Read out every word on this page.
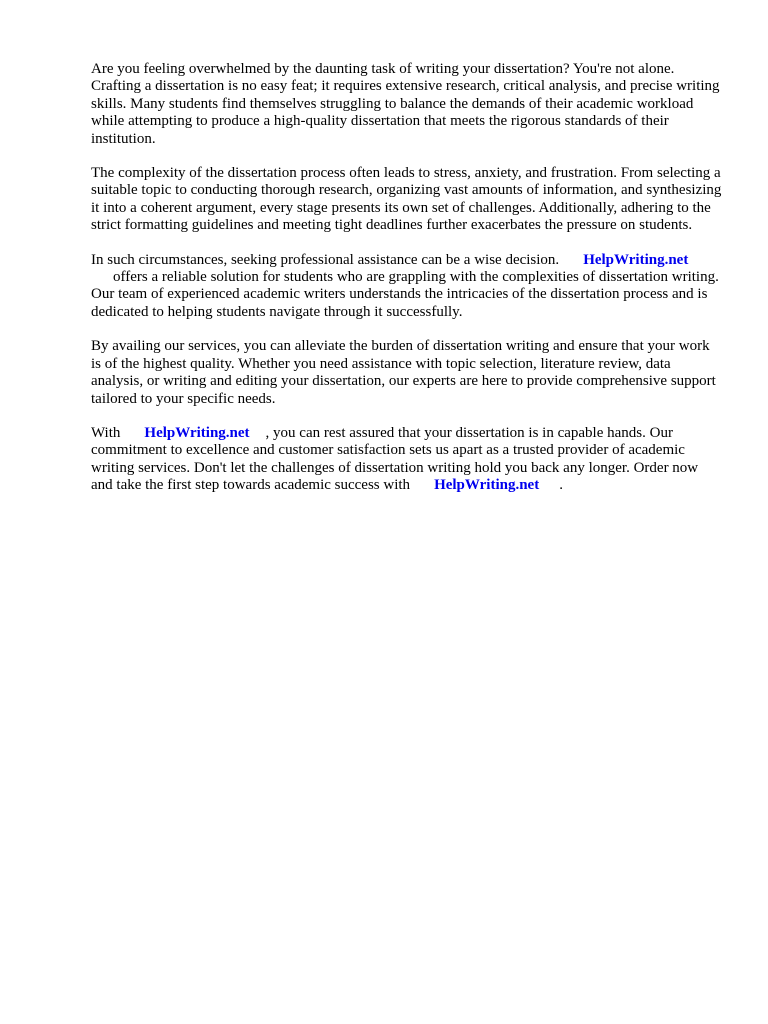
Are you feeling overwhelmed by the daunting task of writing your dissertation? You're not alone. Crafting a dissertation is no easy feat; it requires extensive research, critical analysis, and precise writing skills. Many students find themselves struggling to balance the demands of their academic workload while attempting to produce a high-quality dissertation that meets the rigorous standards of their institution.

The complexity of the dissertation process often leads to stress, anxiety, and frustration. From selecting a suitable topic to conducting thorough research, organizing vast amounts of information, and synthesizing it into a coherent argument, every stage presents its own set of challenges. Additionally, adhering to the strict formatting guidelines and meeting tight deadlines further exacerbates the pressure on students.

In such circumstances, seeking professional assistance can be a wise decision. HelpWriting.net
offers a reliable solution for students who are grappling with the complexities of dissertation writing. Our team of experienced academic writers understands the intricacies of the dissertation process and is dedicated to helping students navigate through it successfully.

By availing our services, you can alleviate the burden of dissertation writing and ensure that your work is of the highest quality. Whether you need assistance with topic selection, literature review, data analysis, or writing and editing your dissertation, our experts are here to provide comprehensive support tailored to your specific needs.

With HelpWriting.net , you can rest assured that your dissertation is in capable hands. Our commitment to excellence and customer satisfaction sets us apart as a trusted provider of academic writing services. Don't let the challenges of dissertation writing hold you back any longer. Order now and take the first step towards academic success with HelpWriting.net .
